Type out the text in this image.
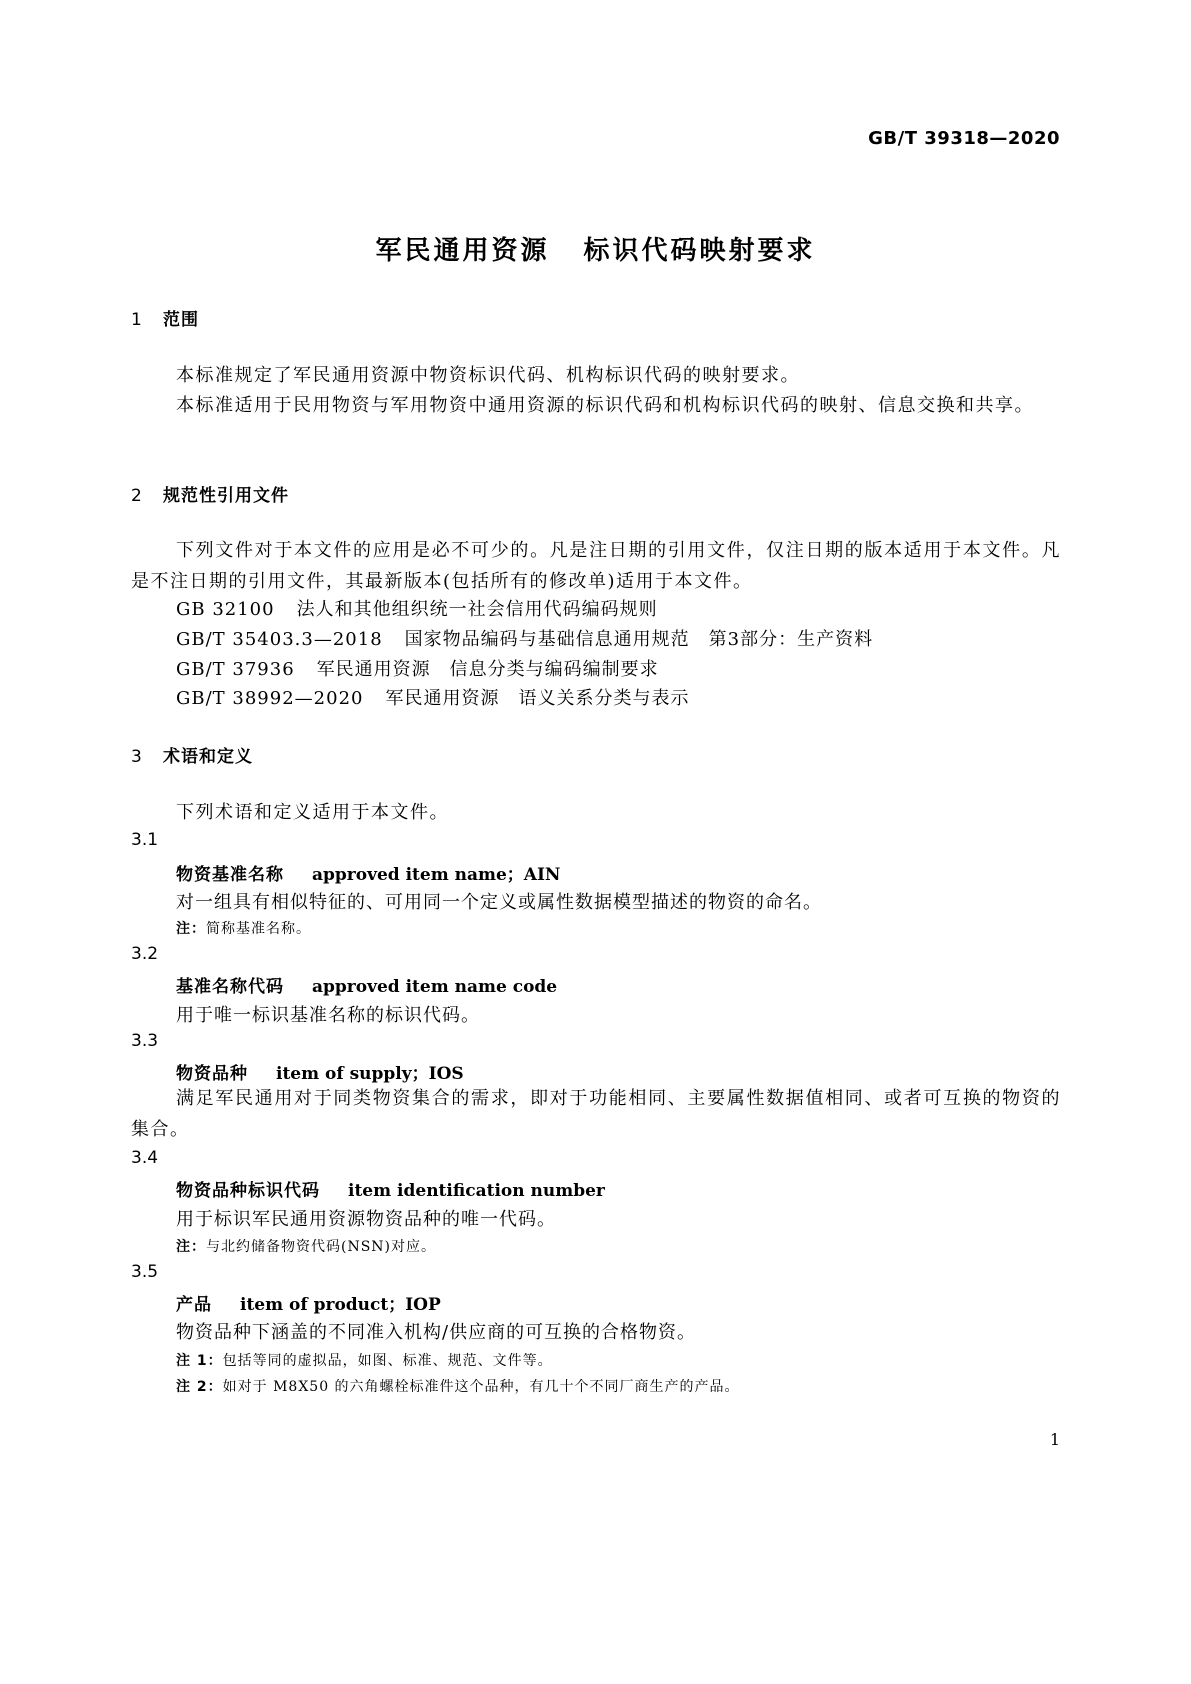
GB/T 39318—2020
军民通用资源 标识代码映射要求
1 范围
本标准规定了军民通用资源中物资标识代码、机构标识代码的映射要求。
本标准适用于民用物资与军用物资中通用资源的标识代码和机构标识代码的映射、信息交换和共享。
2 规范性引用文件
下列文件对于本文件的应用是必不可少的。凡是注日期的引用文件，仅注日期的版本适用于本文件。凡是不注日期的引用文件，其最新版本(包括所有的修改单)适用于本文件。
GB 32100 法人和其他组织统一社会信用代码编码规则
GB/T 35403.3—2018 国家物品编码与基础信息通用规范　第3部分：生产资料
GB/T 37936 军民通用资源　信息分类与编码编制要求
GB/T 38992—2020 军民通用资源　语义关系分类与表示
3 术语和定义
下列术语和定义适用于本文件。
3.1
物资基准名称 approved item name；AIN
对一组具有相似特征的、可用同一个定义或属性数据模型描述的物资的命名。
注：简称基准名称。
3.2
基准名称代码 approved item name code
用于唯一标识基准名称的标识代码。
3.3
物资品种 item of supply；IOS
满足军民通用对于同类物资集合的需求，即对于功能相同、主要属性数据值相同、或者可互换的物资的集合。
3.4
物资品种标识代码 item identification number
用于标识军民通用资源物资品种的唯一代码。
注：与北约储备物资代码(NSN)对应。
3.5
产品 item of product；IOP
物资品种下涵盖的不同准入机构/供应商的可互换的合格物资。
注 1：包括等同的虚拟品，如图、标准、规范、文件等。
注 2：如对于 M8X50 的六角螺栓标准件这个品种，有几十个不同厂商生产的产品。
1
